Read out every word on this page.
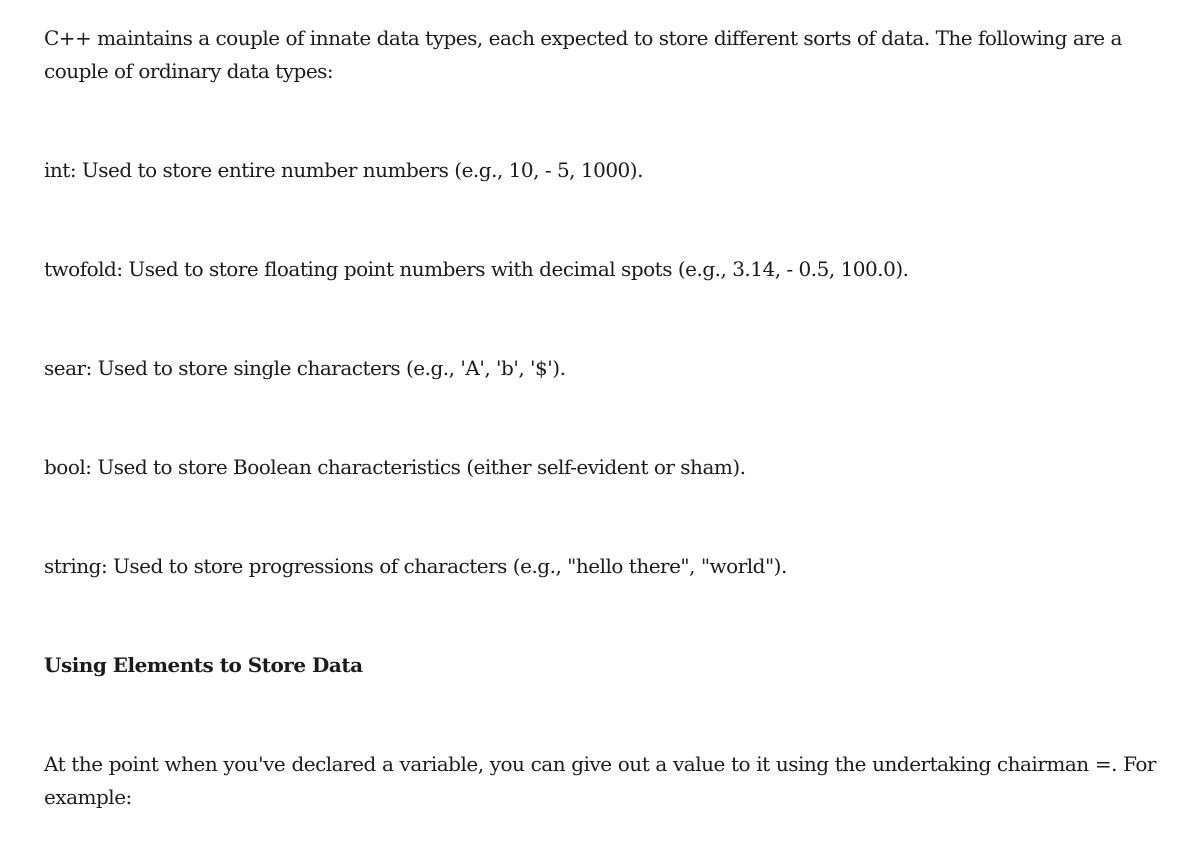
C++ maintains a couple of innate data types, each expected to store different sorts of data. The following are a couple of ordinary data types:

int: Used to store entire number numbers (e.g., 10, - 5, 1000).

twofold: Used to store floating point numbers with decimal spots (e.g., 3.14, - 0.5, 100.0).

sear: Used to store single characters (e.g., 'A', 'b', '$').

bool: Used to store Boolean characteristics (either self-evident or sham).

string: Used to store progressions of characters (e.g., "hello there", "world").

Using Elements to Store Data

At the point when you've declared a variable, you can give out a value to it using the undertaking chairman =. For example:
